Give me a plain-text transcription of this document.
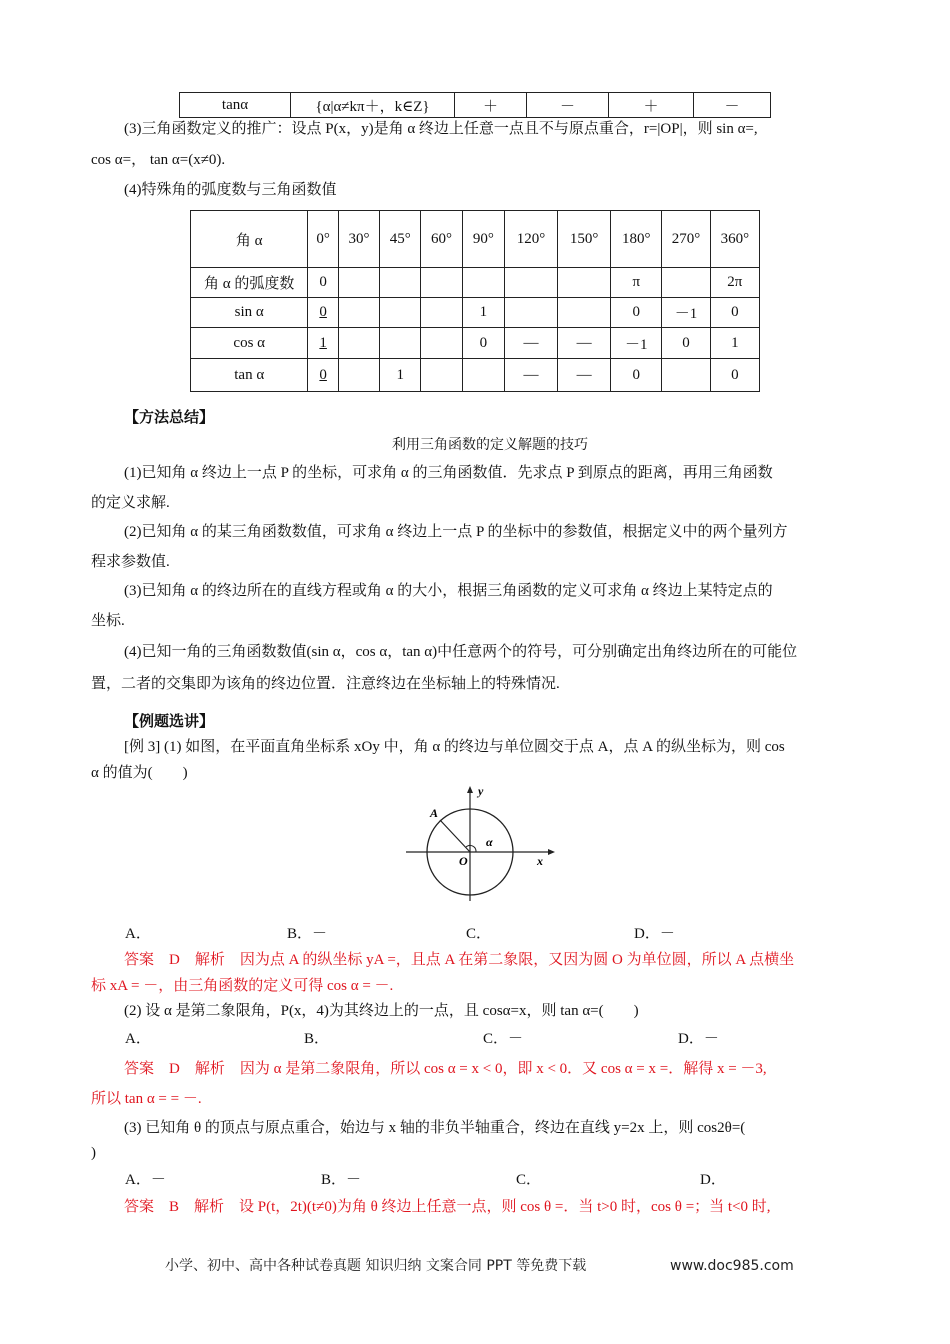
tanα	{α|α≠kπ＋，k∈Z}	＋	－	＋	－
(3)三角函数定义的推广：设点 P(x，y)是角 α 终边上任意一点且不与原点重合，r=|OP|，则 sin α=,
cos α=， tan α=(x≠0).
(4)特殊角的弧度数与三角函数值
角 α	0°	30°	45°	60°	90°	120°	150°	180°	270°	360°
角 α 的弧度数	0							π		2π
sin α	0				1			0	－1	0
cos α	1				0	—	—	－1	0	1
tan α	0		1			—	—	0		0
【方法总结】
利用三角函数的定义解题的技巧
(1)已知角 α 终边上一点 P 的坐标，可求角 α 的三角函数值．先求点 P 到原点的距离，再用三角函数
的定义求解.
(2)已知角 α 的某三角函数数值，可求角 α 终边上一点 P 的坐标中的参数值，根据定义中的两个量列方
程求参数值.
(3)已知角 α 的终边所在的直线方程或角 α 的大小，根据三角函数的定义可求角 α 终边上某特定点的
坐标.
(4)已知一角的三角函数数值(sin α，cos α，tan α)中任意两个的符号，可分别确定出角终边所在的可能位
置，二者的交集即为该角的终边位置．注意终边在坐标轴上的特殊情况.
【例题选讲】
[例 3] (1) 如图，在平面直角坐标系 xOy 中，角 α 的终边与单位圆交于点 A，点 A 的纵坐标为，则 cos
α 的值为(　　)
y
x
O
A
α
A．	B．－	C．	D．－
答案　D　解析　因为点 A 的纵坐标 yA =，且点 A 在第二象限，又因为圆 O 为单位圆，所以 A 点横坐
标 xA = －，由三角函数的定义可得 cos α = －.
(2) 设 α 是第二象限角，P(x，4)为其终边上的一点，且 cosα=x，则 tan α=(　　)
A．	B．	C．－	D．－
答案　D　解析　因为 α 是第二象限角，所以 cos α = x < 0，即 x < 0．又 cos α = x =．解得 x = －3,
所以 tan α = = －.
(3) 已知角 θ 的顶点与原点重合，始边与 x 轴的非负半轴重合，终边在直线 y=2x 上，则 cos2θ=(
)
A．－	B．－	C．	D．
答案　B　解析　设 P(t，2t)(t≠0)为角 θ 终边上任意一点，则 cos θ =．当 t>0 时，cos θ =；当 t<0 时,
小学、初中、高中各种试卷真题 知识归纳 文案合同 PPT 等免费下载	www.doc985.com
